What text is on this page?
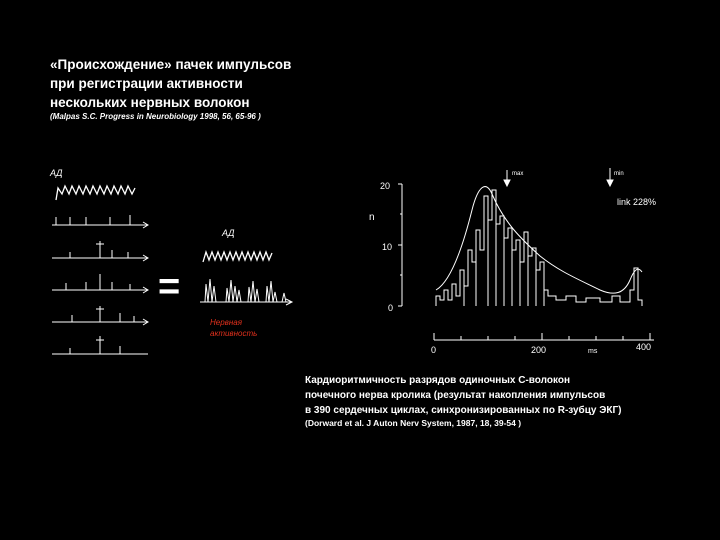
«Происхождение» пачек импульсов
при регистрации активности
нескольких нервных волокон
(Malpas S.C. Progress in Neurobiology 1998, 56, 65-96 )
АД
АД
=
Нервная
активность
20
10
0
n
max	min
link 228%
0	200	ms	400
Кардиоритмичность разрядов одиночных С-волокон
почечного нерва кролика (результат накопления импульсов
в 390 сердечных циклах, синхронизированных по R-зубцу ЭКГ)
(Dorward et al. J Auton Nerv System, 1987, 18, 39-54 )
